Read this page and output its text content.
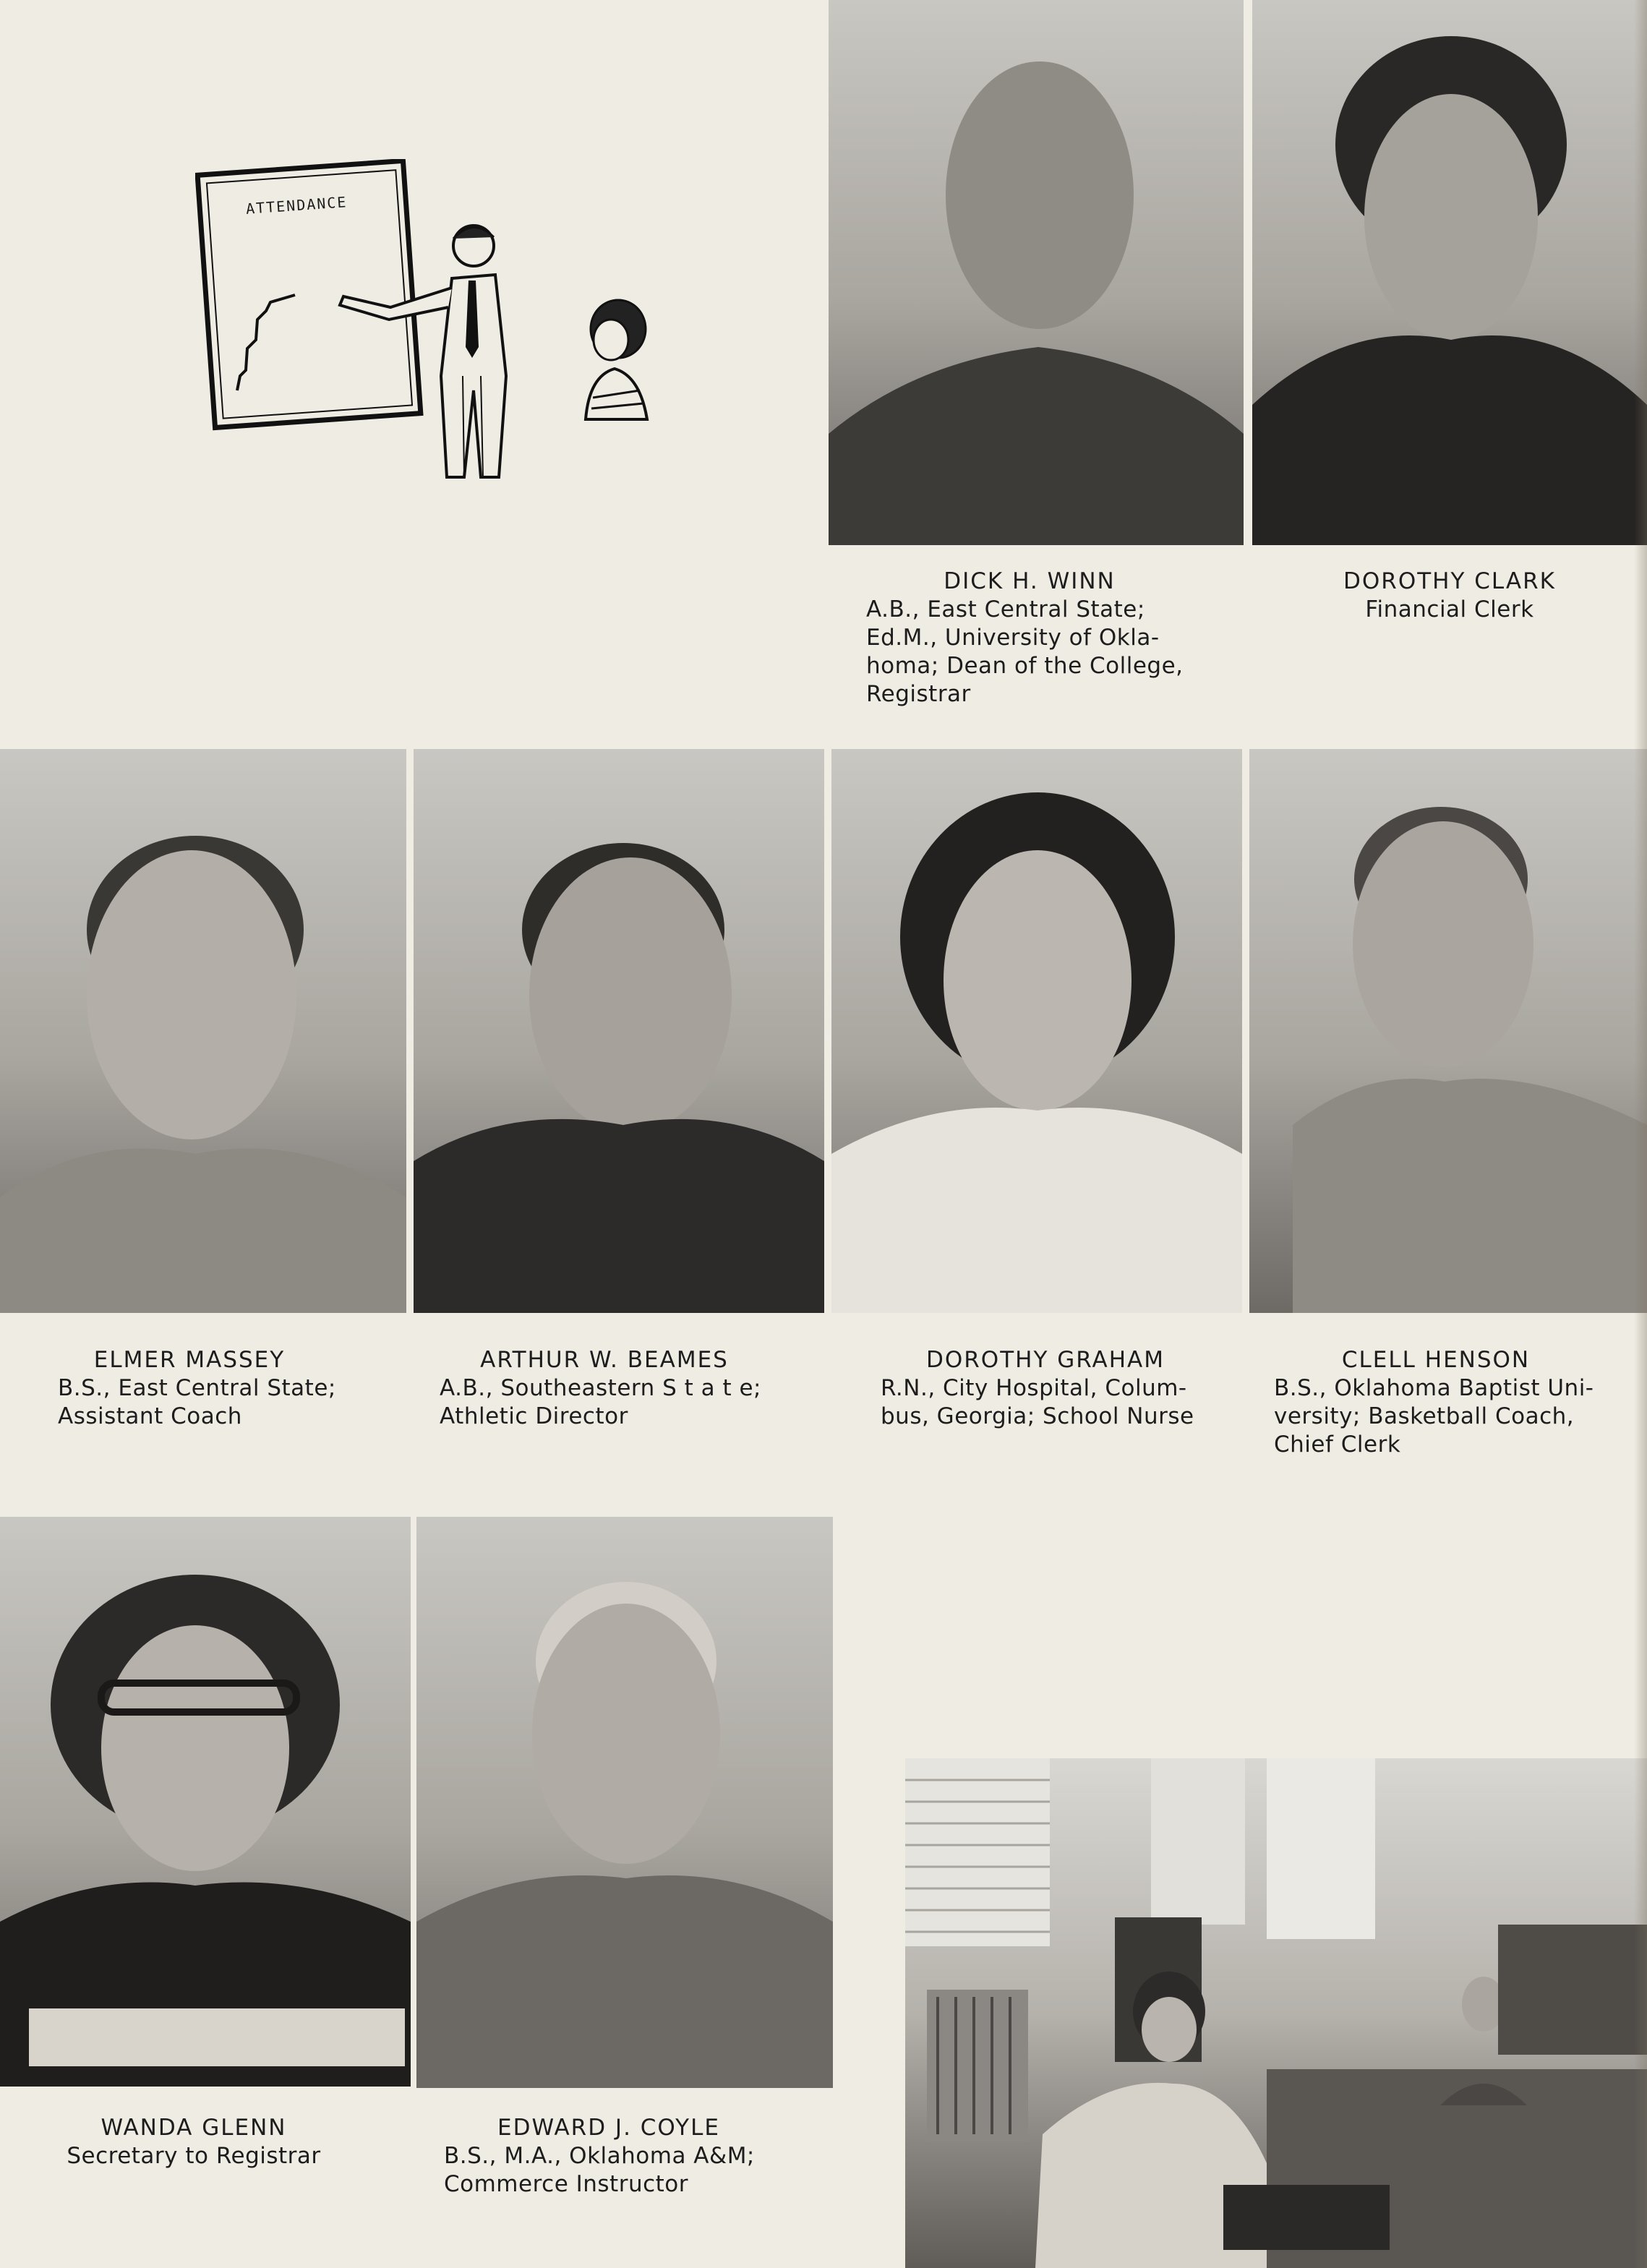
ATTENDANCE
DICK H. WINN
A.B., East Central State;
Ed.M., University of Okla-
homa; Dean of the College,
Registrar
DOROTHY CLARK
Financial Clerk
ELMER MASSEY
B.S., East Central State;
Assistant Coach
ARTHUR W. BEAMES
A.B., Southeastern S t a t e;
Athletic Director
DOROTHY GRAHAM
R.N., City Hospital, Colum-
bus, Georgia; School Nurse
CLELL HENSON
B.S., Oklahoma Baptist Uni-
versity; Basketball Coach,
Chief Clerk
WANDA GLENN
Secretary to Registrar
EDWARD J. COYLE
B.S., M.A., Oklahoma A&M;
Commerce Instructor
